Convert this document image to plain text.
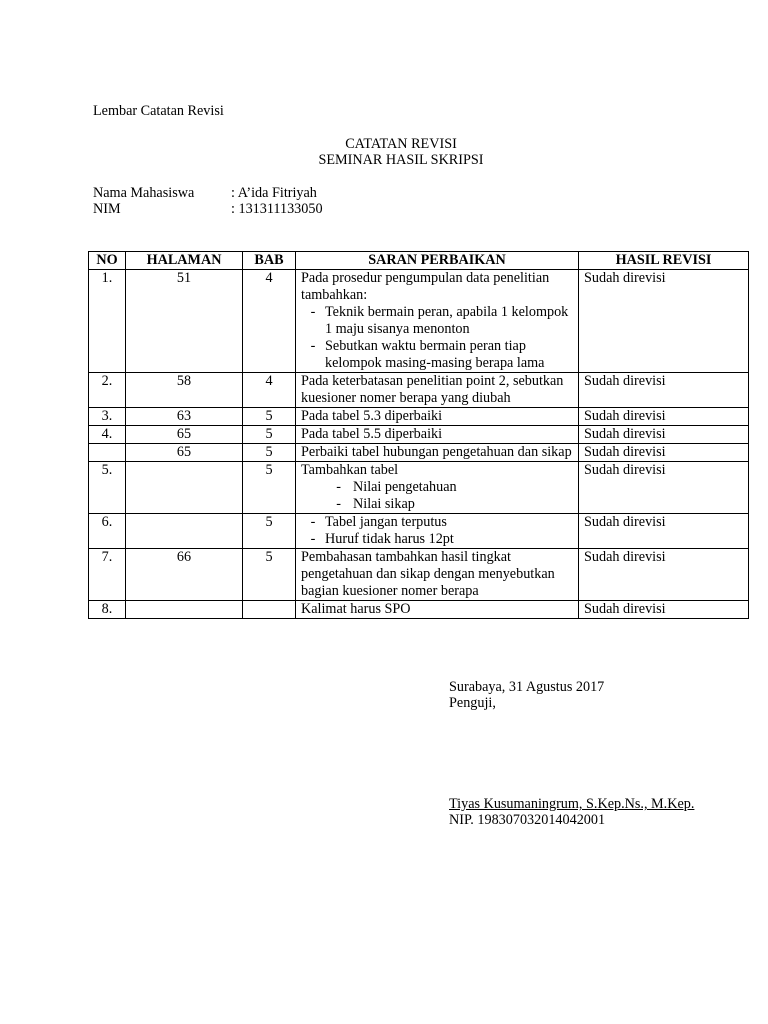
Lembar Catatan Revisi
CATATAN REVISI
SEMINAR HASIL SKRIPSI
Nama Mahasiswa	: A’ida Fitriyah
NIM	: 131311133050
NO	HALAMAN	BAB	SARAN PERBAIKAN	HASIL REVISI
1.	51	4	Pada prosedur pengumpulan data penelitian tambahkan:
- Teknik bermain peran, apabila 1 kelompok 1 maju sisanya menonton
- Sebutkan waktu bermain peran tiap kelompok masing-masing berapa lama	Sudah direvisi
2.	58	4	Pada keterbatasan penelitian point 2, sebutkan kuesioner nomer berapa yang diubah	Sudah direvisi
3.	63	5	Pada tabel 5.3 diperbaiki	Sudah direvisi
4.	65	5	Pada tabel 5.5 diperbaiki	Sudah direvisi
	65	5	Perbaiki tabel hubungan pengetahuan dan sikap	Sudah direvisi
5.		5	Tambahkan tabel
- Nilai pengetahuan
- Nilai sikap	Sudah direvisi
6.		5	- Tabel jangan terputus
- Huruf tidak harus 12pt	Sudah direvisi
7.	66	5	Pembahasan tambahkan hasil tingkat pengetahuan dan sikap dengan menyebutkan bagian kuesioner nomer berapa	Sudah direvisi
8.			Kalimat harus SPO	Sudah direvisi
Surabaya, 31 Agustus 2017
Penguji,
Tiyas Kusumaningrum, S.Kep.Ns., M.Kep.
NIP. 198307032014042001
